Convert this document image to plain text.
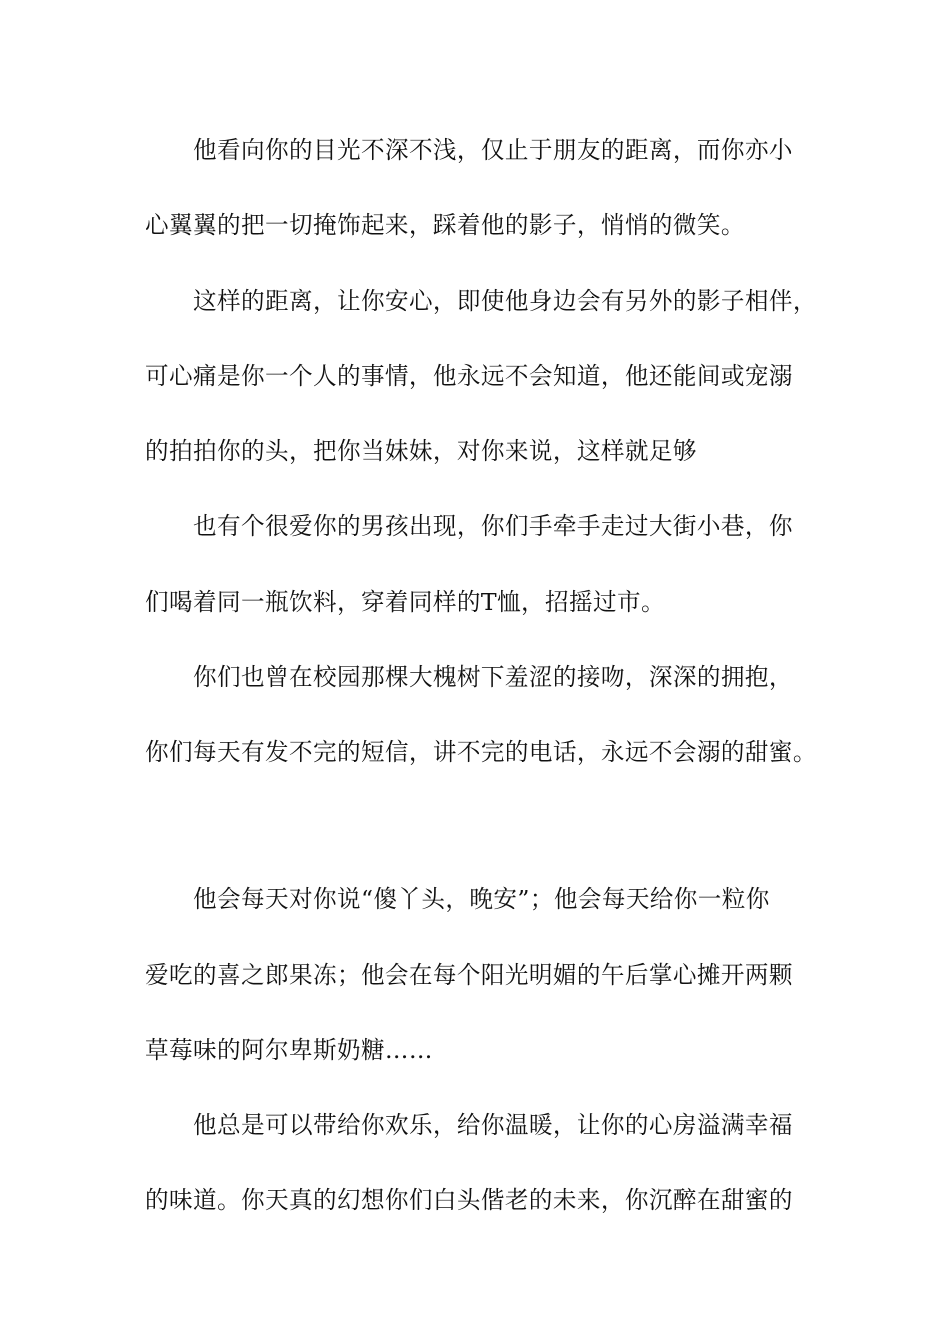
他看向你的目光不深不浅，仅止于朋友的距离，而你亦小
心翼翼的把一切掩饰起来，踩着他的影子，悄悄的微笑。
这样的距离，让你安心，即使他身边会有另外的影子相伴，
可心痛是你一个人的事情，他永远不会知道，他还能间或宠溺
的拍拍你的头，把你当妹妹，对你来说，这样就足够
也有个很爱你的男孩出现，你们手牵手走过大街小巷，你
们喝着同一瓶饮料，穿着同样的T恤，招摇过市。
你们也曾在校园那棵大槐树下羞涩的接吻，深深的拥抱，
你们每天有发不完的短信，讲不完的电话，永远不会溺的甜蜜。
他会每天对你说“傻丫头，晚安”；他会每天给你一粒你
爱吃的喜之郎果冻；他会在每个阳光明媚的午后掌心摊开两颗
草莓味的阿尔卑斯奶糖……
他总是可以带给你欢乐，给你温暖，让你的心房溢满幸福
的味道。你天真的幻想你们白头偕老的未来，你沉醉在甜蜜的
